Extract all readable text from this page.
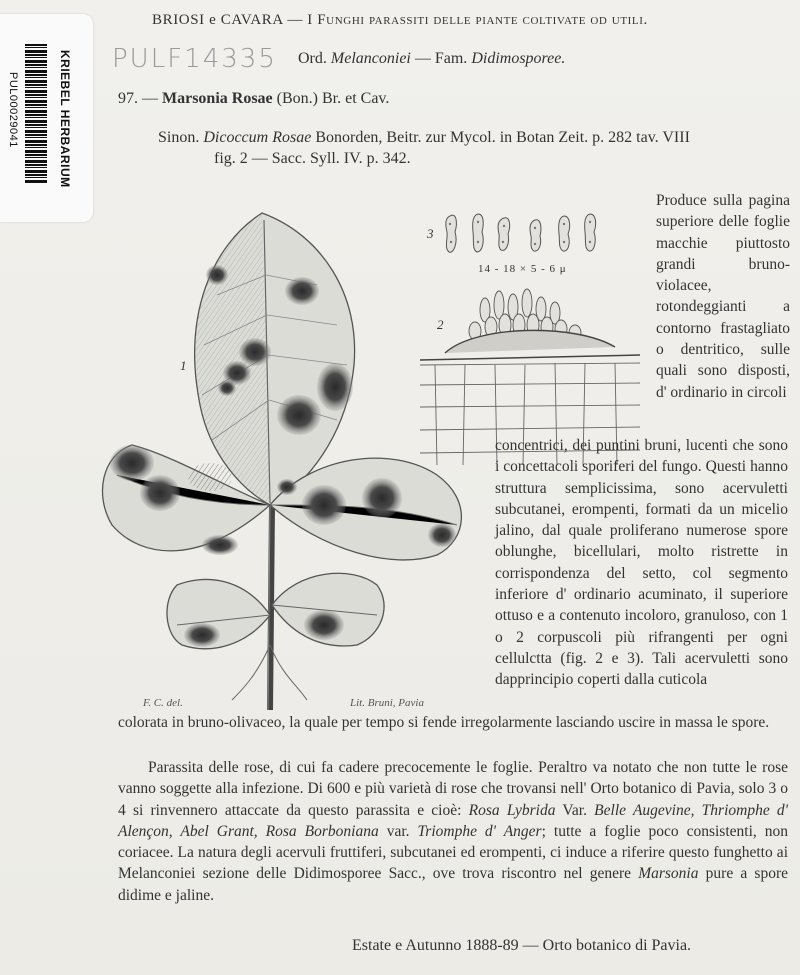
PUL00029041	KRIEBEL HERBARIUM PULF14335
BRIOSI e CAVARA — I Funghi parassiti delle piante coltivate od utili.
Ord. Melanconiei — Fam. Didimosporee.
97. — Marsonia Rosae (Bon.) Br. et Cav.
Sinon. Dicoccum Rosae Bonorden, Beitr. zur Mycol. in Botan Zeit. p. 282 tav. VIII
fig. 2 — Sacc. Syll. IV. p. 342.
3
2
1
14 - 18 × 5 - 6 μ
F. C. del.	Lit. Bruni, Pavia
Produce sulla pagina superiore delle foglie macchie piuttosto grandi bruno-violacee, rotondeggianti a contorno frastagliato o dentritico, sulle quali sono disposti, d' ordinario in circoli
concentrici, dei puntini bruni, lucenti che sono i concettacoli sporiferi del fungo. Questi hanno struttura semplicissima, sono acervuletti subcutanei, erompenti, formati da un micelio jalino, dal quale proliferano numerose spore oblunghe, bicellulari, molto ristrette in corrispondenza del setto, col segmento inferiore d' ordinario acuminato, il superiore ottuso e a contenuto incoloro, granuloso, con 1 o 2 corpuscoli più rifrangenti per ogni cellulctta (fig. 2 e 3). Tali acervuletti sono dapprincipio coperti dalla cuticola
colorata in bruno-olivaceo, la quale per tempo si fende irregolarmente lasciando uscire in massa le spore.
Parassita delle rose, di cui fa cadere precocemente le foglie. Peraltro va notato che non tutte le rose vanno soggette alla infezione. Di 600 e più varietà di rose che trovansi nell' Orto botanico di Pavia, solo 3 o 4 si rinvennero attaccate da questo parassita e cioè: Rosa Lybrida Var. Belle Augevine, Thriomphe d' Alençon, Abel Grant, Rosa Borboniana var. Triomphe d' Anger; tutte a foglie poco consistenti, non coriacee. La natura degli acervuli fruttiferi, subcutanei ed erompenti, ci induce a riferire questo funghetto ai Melanconiei sezione delle Didimosporee Sacc., ove trova riscontro nel genere Marsonia pure a spore didime e jaline.
Estate e Autunno 1888-89 — Orto botanico di Pavia.
